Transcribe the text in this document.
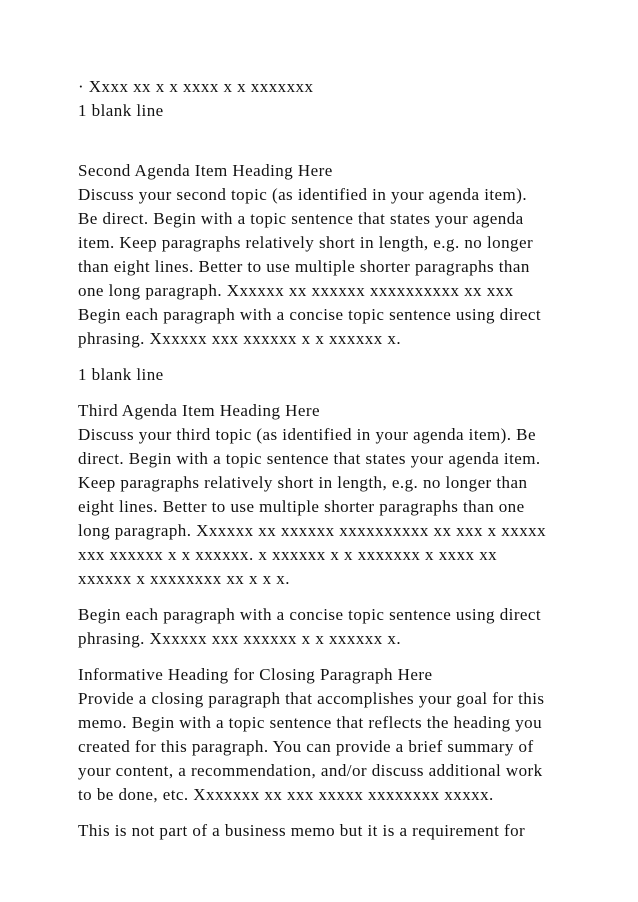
· Xxxx xx x x xxxx x x xxxxxxx
1 blank line
Second Agenda Item Heading Here
Discuss your second topic (as identified in your agenda item).
Be direct. Begin with a topic sentence that states your agenda
item. Keep paragraphs relatively short in length, e.g. no longer
than eight lines. Better to use multiple shorter paragraphs than
one long paragraph. Xxxxxx xx xxxxxx xxxxxxxxxx xx xxx
Begin each paragraph with a concise topic sentence using direct
phrasing. Xxxxxx xxx xxxxxx x x xxxxxx x.
1 blank line
Third Agenda Item Heading Here
Discuss your third topic (as identified in your agenda item). Be
direct. Begin with a topic sentence that states your agenda item.
Keep paragraphs relatively short in length, e.g. no longer than
eight lines. Better to use multiple shorter paragraphs than one
long paragraph. Xxxxxx xx xxxxxx xxxxxxxxxx xx xxx x xxxxx
xxx xxxxxx x x xxxxxx. x xxxxxx x x xxxxxxx x xxxx xx
xxxxxx x xxxxxxxx xx x x x.
Begin each paragraph with a concise topic sentence using direct
phrasing. Xxxxxx xxx xxxxxx x x xxxxxx x.
Informative Heading for Closing Paragraph Here
Provide a closing paragraph that accomplishes your goal for this
memo. Begin with a topic sentence that reflects the heading you
created for this paragraph. You can provide a brief summary of
your content, a recommendation, and/or discuss additional work
to be done, etc. Xxxxxxx xx xxx xxxxx xxxxxxxx xxxxx.
This is not part of a business memo but it is a requirement for
